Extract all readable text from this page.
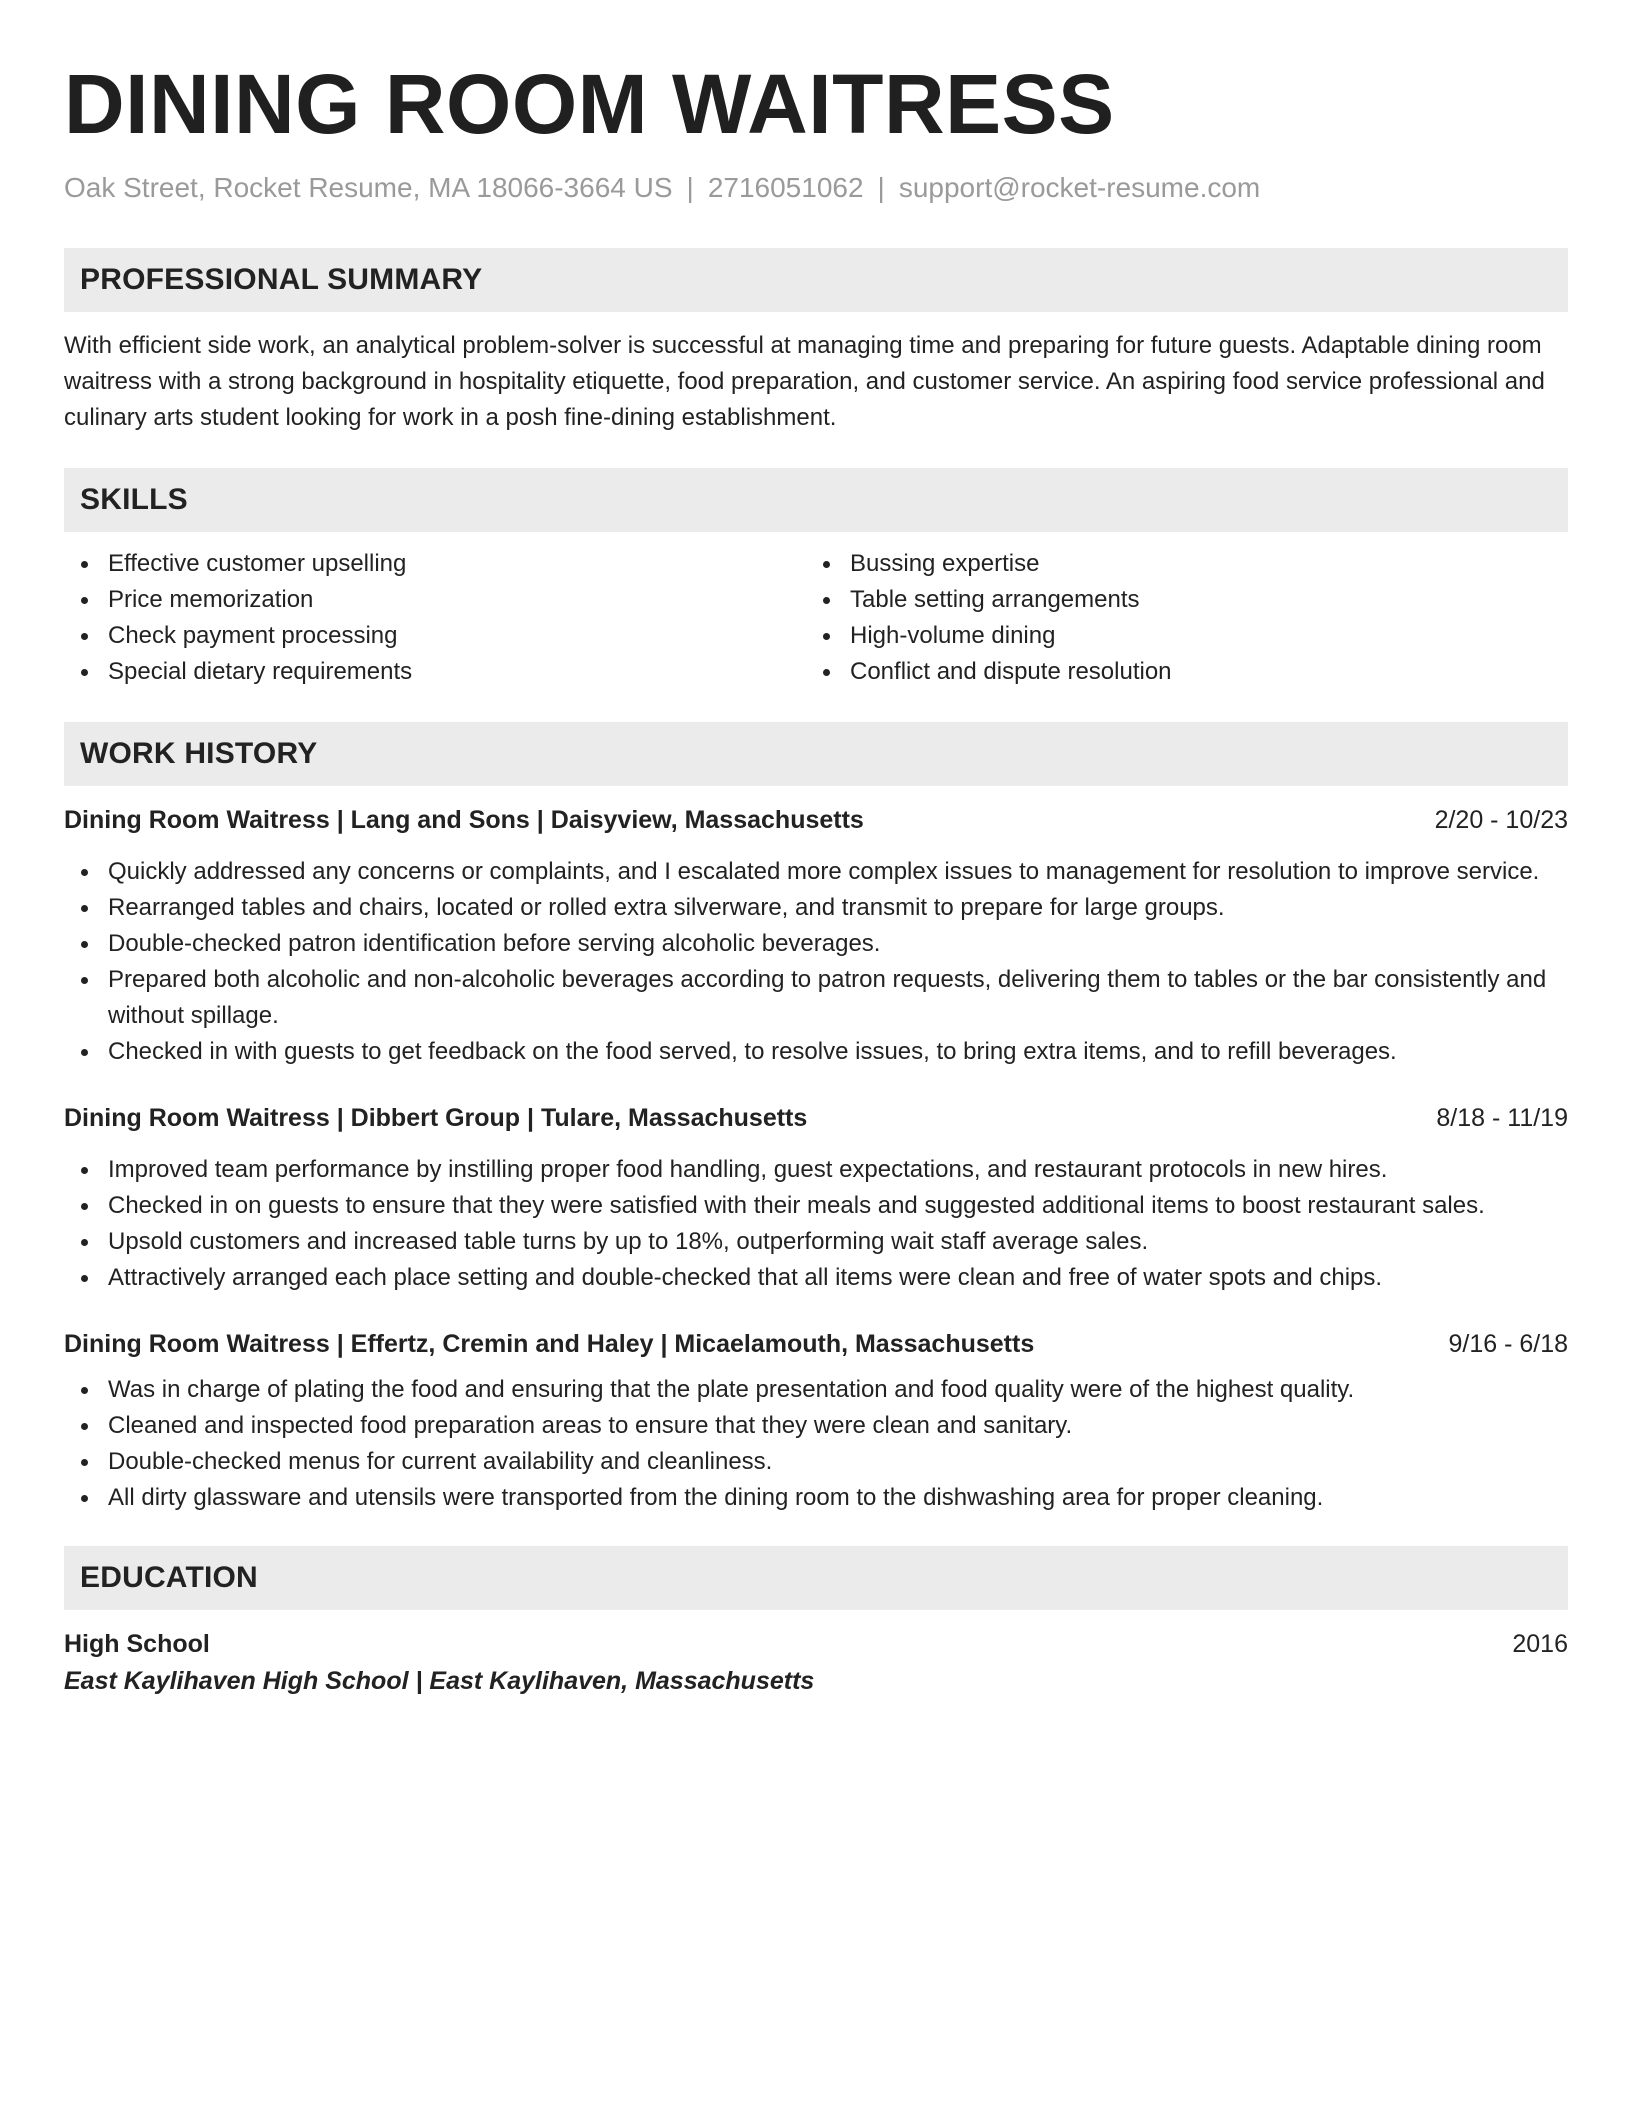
DINING ROOM WAITRESS
Oak Street, Rocket Resume, MA 18066-3664 US | 2716051062 | support@rocket-resume.com
PROFESSIONAL SUMMARY
With efficient side work, an analytical problem-solver is successful at managing time and preparing for future guests. Adaptable dining room waitress with a strong background in hospitality etiquette, food preparation, and customer service. An aspiring food service professional and culinary arts student looking for work in a posh fine-dining establishment.
SKILLS
Effective customer upselling
Price memorization
Check payment processing
Special dietary requirements
Bussing expertise
Table setting arrangements
High-volume dining
Conflict and dispute resolution
WORK HISTORY
Dining Room Waitress | Lang and Sons | Daisyview, Massachusetts	2/20 - 10/23
Quickly addressed any concerns or complaints, and I escalated more complex issues to management for resolution to improve service.
Rearranged tables and chairs, located or rolled extra silverware, and transmit to prepare for large groups.
Double-checked patron identification before serving alcoholic beverages.
Prepared both alcoholic and non-alcoholic beverages according to patron requests, delivering them to tables or the bar consistently and without spillage.
Checked in with guests to get feedback on the food served, to resolve issues, to bring extra items, and to refill beverages.
Dining Room Waitress | Dibbert Group | Tulare, Massachusetts	8/18 - 11/19
Improved team performance by instilling proper food handling, guest expectations, and restaurant protocols in new hires.
Checked in on guests to ensure that they were satisfied with their meals and suggested additional items to boost restaurant sales.
Upsold customers and increased table turns by up to 18%, outperforming wait staff average sales.
Attractively arranged each place setting and double-checked that all items were clean and free of water spots and chips.
Dining Room Waitress | Effertz, Cremin and Haley | Micaelamouth, Massachusetts	9/16 - 6/18
Was in charge of plating the food and ensuring that the plate presentation and food quality were of the highest quality.
Cleaned and inspected food preparation areas to ensure that they were clean and sanitary.
Double-checked menus for current availability and cleanliness.
All dirty glassware and utensils were transported from the dining room to the dishwashing area for proper cleaning.
EDUCATION
High School	2016
East Kaylihaven High School | East Kaylihaven, Massachusetts
